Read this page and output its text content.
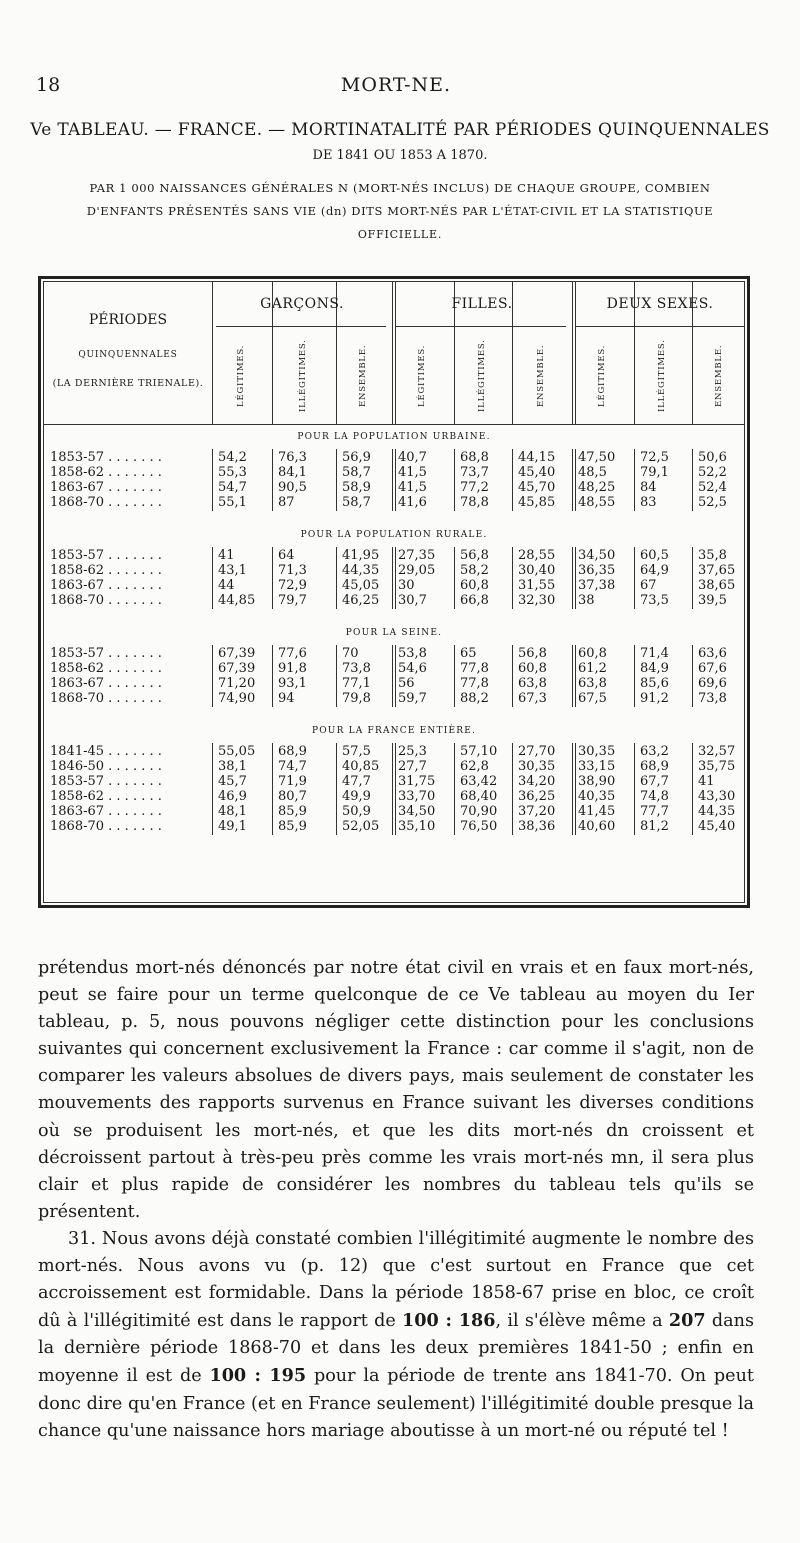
18	MORT-NE.
Ve TABLEAU. — FRANCE. — MORTINATALITÉ PAR PÉRIODES QUINQUENNALES
DE 1841 OU 1853 A 1870.
PAR 1 000 NAISSANCES GÉNÉRALES N (MORT-NÉS INCLUS) DE CHAQUE GROUPE, COMBIEN
D'ENFANTS PRÉSENTÉS SANS VIE (dn) DITS MORT-NÉS PAR L'ÉTAT-CIVIL ET LA STATISTIQUE
OFFICIELLE.
PÉRIODES
QUINQUENNALES
(LA DERNIÈRE TRIENALE).
GARÇONS.	FILLES.	DEUX SEXES.
LÉGITIMES.	ILLÉGITIMES.	ENSEMBLE.	LÉGITIMES.	ILLÉGITIMES.	ENSEMBLE.	LÉGITIMES.	ILLÉGITIMES.	ENSEMBLE.
POUR LA POPULATION URBAINE.
1853-57 . . . . . . .	54,2 76,3	56,9 40,7	68,8 44,15 47,50 72,5 50,6
1858-62 . . . . . . .	55,3 84,1	58,7 41,5	73,7 45,40 48,5	79,1 52,2
1863-67 . . . . . . .	54,7 90,5	58,9 41,5	77,2 45,70 48,25 84	52,4
1868-70 . . . . . . .	55,1 87	58,7 41,6	78,8 45,85 48,55 83	52,5
POUR LA POPULATION RURALE.
1853-57 . . . . . . .	41	64	41,95 27,35 56,8 28,55 34,50 60,5 35,8
1858-62 . . . . . . .	43,1 71,3	44,35 29,05 58,2 30,40 36,35 64,9 37,65
1863-67 . . . . . . .	44	72,9	45,05 30	60,8 31,55 37,38 67	38,65
1868-70 . . . . . . .	44,85 79,7	46,25 30,7	66,8 32,30 38	73,5 39,5
POUR LA SEINE.
1853-57 . . . . . . .	67,39 77,6	70	53,8	65	56,8 60,8	71,4 63,6
1858-62 . . . . . . .	67,39 91,8	73,8 54,6	77,8 60,8 61,2	84,9 67,6
1863-67 . . . . . . .	71,20 93,1	77,1 56	77,8 63,8 63,8	85,6 69,6
1868-70 . . . . . . .	74,90 94	79,8 59,7	88,2 67,3 67,5	91,2 73,8
POUR LA FRANCE ENTIÈRE.
1841-45 . . . . . . .	55,05 68,9	57,5 25,3	57,10 27,70 30,35 63,2 32,57
1846-50 . . . . . . .	38,1 74,7	40,85 27,7	62,8 30,35 33,15 68,9 35,75
1853-57 . . . . . . .	45,7 71,9	47,7 31,75 63,42 34,20 38,90 67,7 41
1858-62 . . . . . . .	46,9 80,7	49,9 33,70 68,40 36,25 40,35 74,8 43,30
1863-67 . . . . . . .	48,1 85,9	50,9 34,50 70,90 37,20 41,45 77,7 44,35
1868-70 . . . . . . .	49,1 85,9	52,05 35,10 76,50 38,36 40,60 81,2 45,40

prétendus mort-nés dénoncés par notre état civil en vrais et en faux mort-nés, peut se faire pour un terme quelconque de ce Ve tableau au moyen du Ier tableau, p. 5, nous pouvons négliger cette distinction pour les conclusions suivantes qui concernent exclusivement la France : car comme il s'agit, non de comparer les valeurs absolues de divers pays, mais seulement de constater les mouvements des rapports survenus en France suivant les diverses conditions où se produisent les mort-nés, et que les dits mort-nés dn croissent et décroissent partout à très-peu près comme les vrais mort-nés mn, il sera plus clair et plus rapide de considérer les nombres du tableau tels qu'ils se présentent.

31. Nous avons déjà constaté combien l'illégitimité augmente le nombre des mort-nés. Nous avons vu (p. 12) que c'est surtout en France que cet accroissement est formidable. Dans la période 1858-67 prise en bloc, ce croît dû à l'illégitimité est dans le rapport de 100 : 186, il s'élève même a 207 dans la dernière période 1868-70 et dans les deux premières 1841-50 ; enfin en moyenne il est de 100 : 195 pour la période de trente ans 1841-70. On peut donc dire qu'en France (et en France seulement) l'illégitimité double presque la chance qu'une naissance hors mariage aboutisse à un mort-né ou réputé tel !
